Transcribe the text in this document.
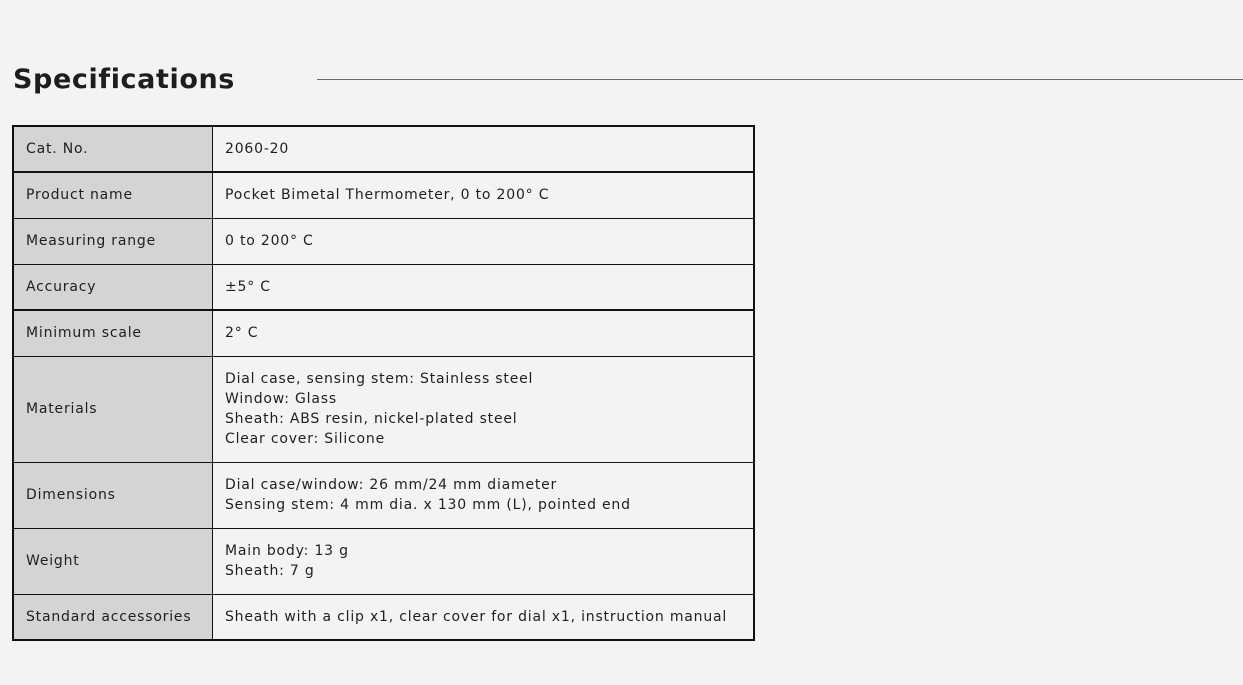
Specifications
Cat. No.	2060-20

Product name	Pocket Bimetal Thermometer, 0 to 200° C

Measuring range	0 to 200° C

Accuracy	±5° C

Minimum scale	2° C

Materials	Dial case, sensing stem: Stainless steel
Window: Glass
Sheath: ABS resin, nickel-plated steel
Clear cover: Silicone

Dimensions	Dial case/window: 26 mm/24 mm diameter
Sensing stem: 4 mm dia. x 130 mm (L), pointed end

Weight	Main body: 13 g
Sheath: 7 g

Standard accessories	Sheath with a clip x1, clear cover for dial x1, instruction manual
